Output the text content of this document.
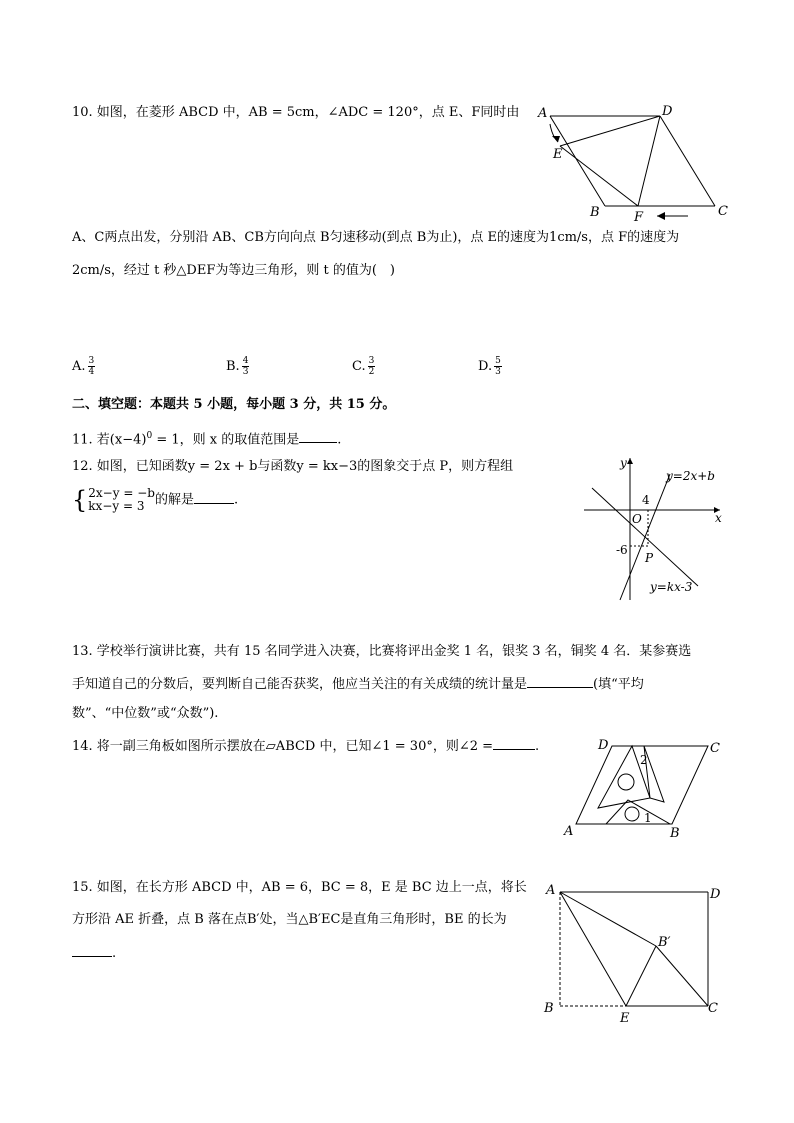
10. 如图，在菱形 ABCD 中，AB = 5cm，∠ADC = 120°，点 E、F同时由
A、C两点出发，分别沿 AB、CB方向向点 B匀速移动(到点 B为止)，点 E的速度为1cm/s，点 F的速度为
2cm/s，经过 t 秒△DEF为等边三角形，则 t 的值为(　)
A. $\frac{3}{4}$	B. $\frac{4}{3}$	C. $\frac{3}{2}$	D. $\frac{5}{3}$
A	D
C
B	F
E
二、填空题：本题共 5 小题，每小题 3 分，共 15 分。
11. 若$(x-4)^0 = 1$，则 x 的取值范围是	.
12. 如图，已知函数y = 2x + b与函数y = kx−3的图象交于点 P，则方程组
{ 2x−y = −b
kx−y = 3 的解是	.
y
x
O
4
-6
P
y=2x+b
y=kx-3
13. 学校举行演讲比赛，共有 15 名同学进入决赛，比赛将评出金奖 1 名，银奖 3 名，铜奖 4 名．某参赛选
手知道自己的分数后，要判断自己能否获奖，他应当关注的有关成绩的统计量是	(填“平均
数”、“中位数”或“众数”).
14. 将一副三角板如图所示摆放在▱ABCD 中，已知∠1 = 30°，则∠2 =	.	D	C
A	B
2
1
15. 如图，在长方形 ABCD 中，AB = 6，BC = 8，E 是 BC 边上一点，将长
方形沿 AE 折叠，点 B 落在点B′处，当△B′EC是直角三角形时，BE 的长为
.
A	D
B	C
E
B′
